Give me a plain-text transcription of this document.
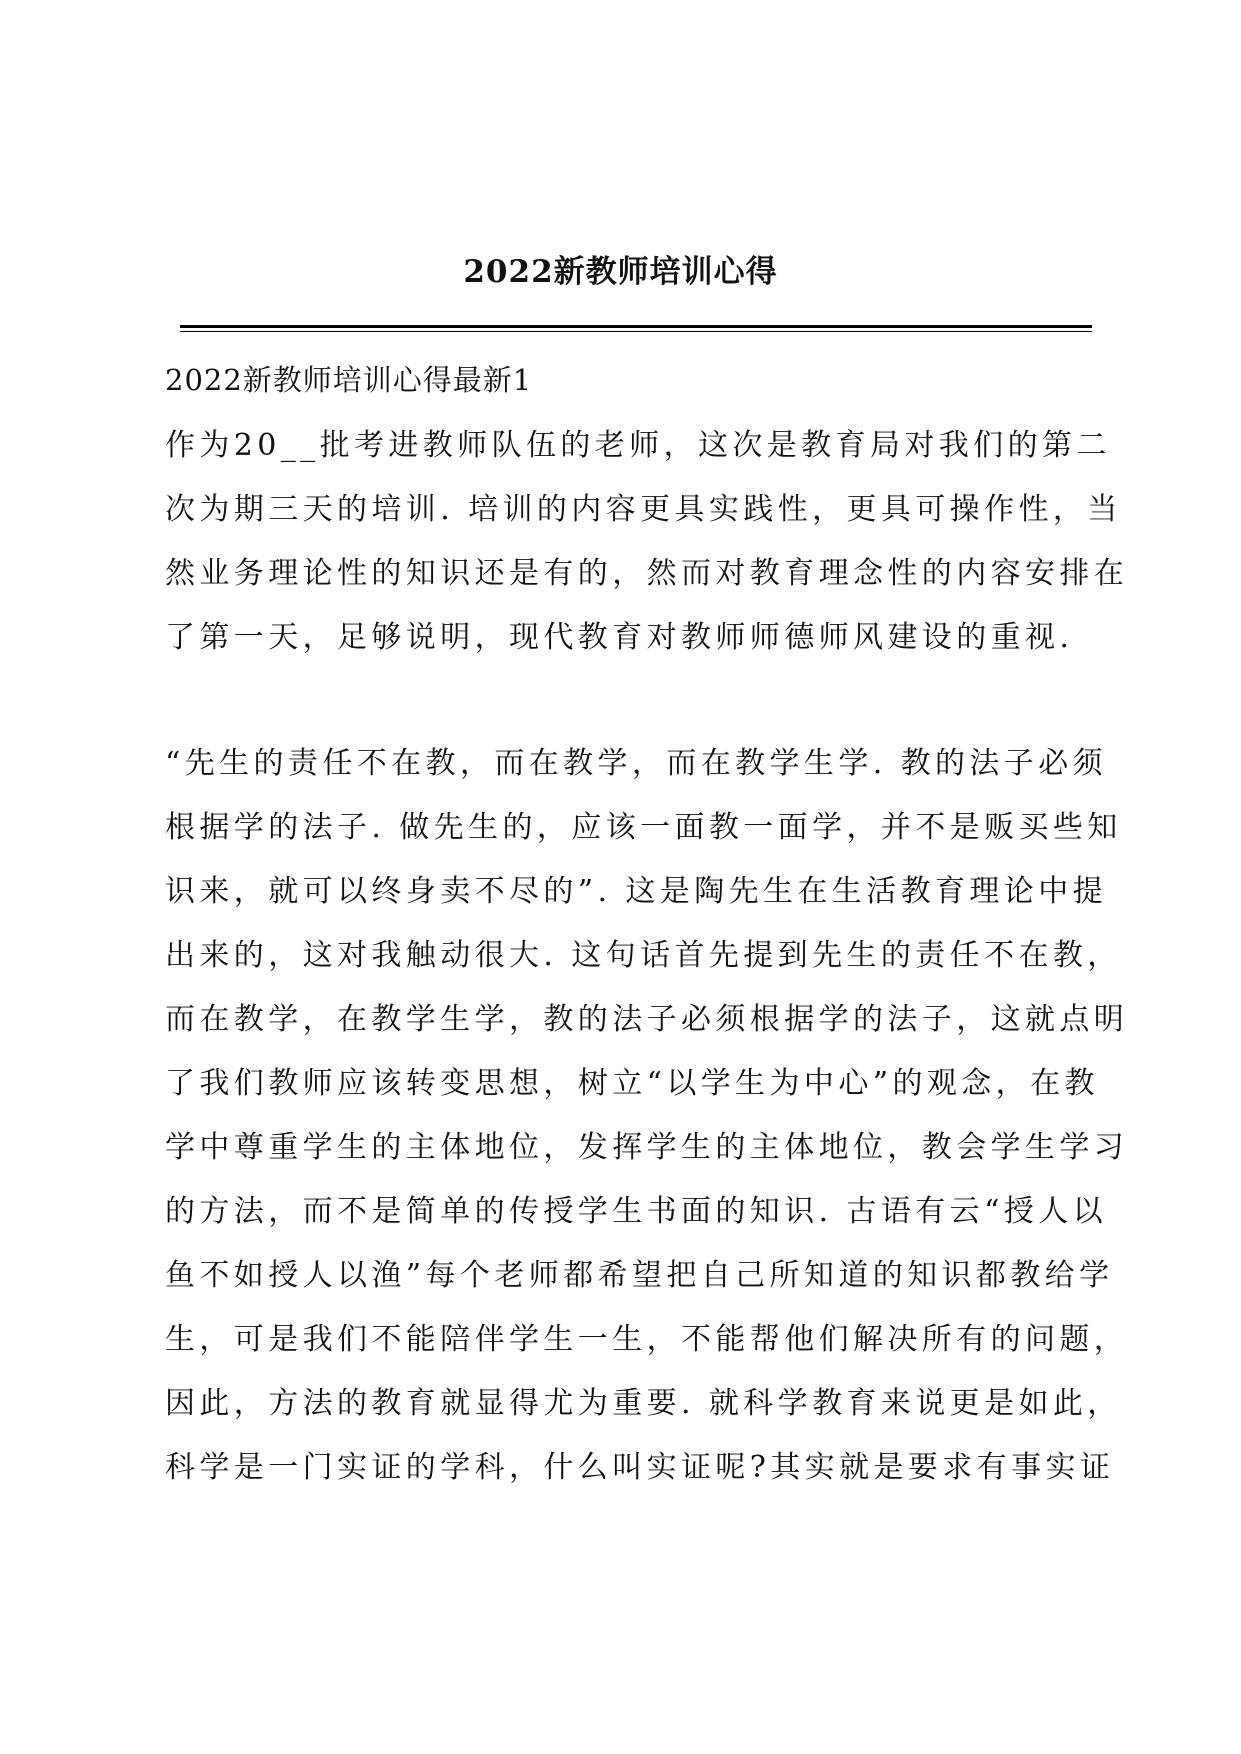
2022新教师培训心得
2022新教师培训心得最新1

作为20__批考进教师队伍的老师，这次是教育局对我们的第二
次为期三天的培训. 培训的内容更具实践性，更具可操作性，当
然业务理论性的知识还是有的，然而对教育理念性的内容安排在
了第一天，足够说明，现代教育对教师师德师风建设的重视.

“先生的责任不在教，而在教学，而在教学生学. 教的法子必须
根据学的法子. 做先生的，应该一面教一面学，并不是贩买些知
识来，就可以终身卖不尽的”. 这是陶先生在生活教育理论中提
出来的，这对我触动很大. 这句话首先提到先生的责任不在教，
而在教学，在教学生学，教的法子必须根据学的法子，这就点明
了我们教师应该转变思想，树立“以学生为中心”的观念，在教
学中尊重学生的主体地位，发挥学生的主体地位，教会学生学习
的方法，而不是简单的传授学生书面的知识. 古语有云“授人以
鱼不如授人以渔”每个老师都希望把自己所知道的知识都教给学
生，可是我们不能陪伴学生一生，不能帮他们解决所有的问题，
因此，方法的教育就显得尤为重要. 就科学教育来说更是如此，
科学是一门实证的学科，什么叫实证呢?其实就是要求有事实证
